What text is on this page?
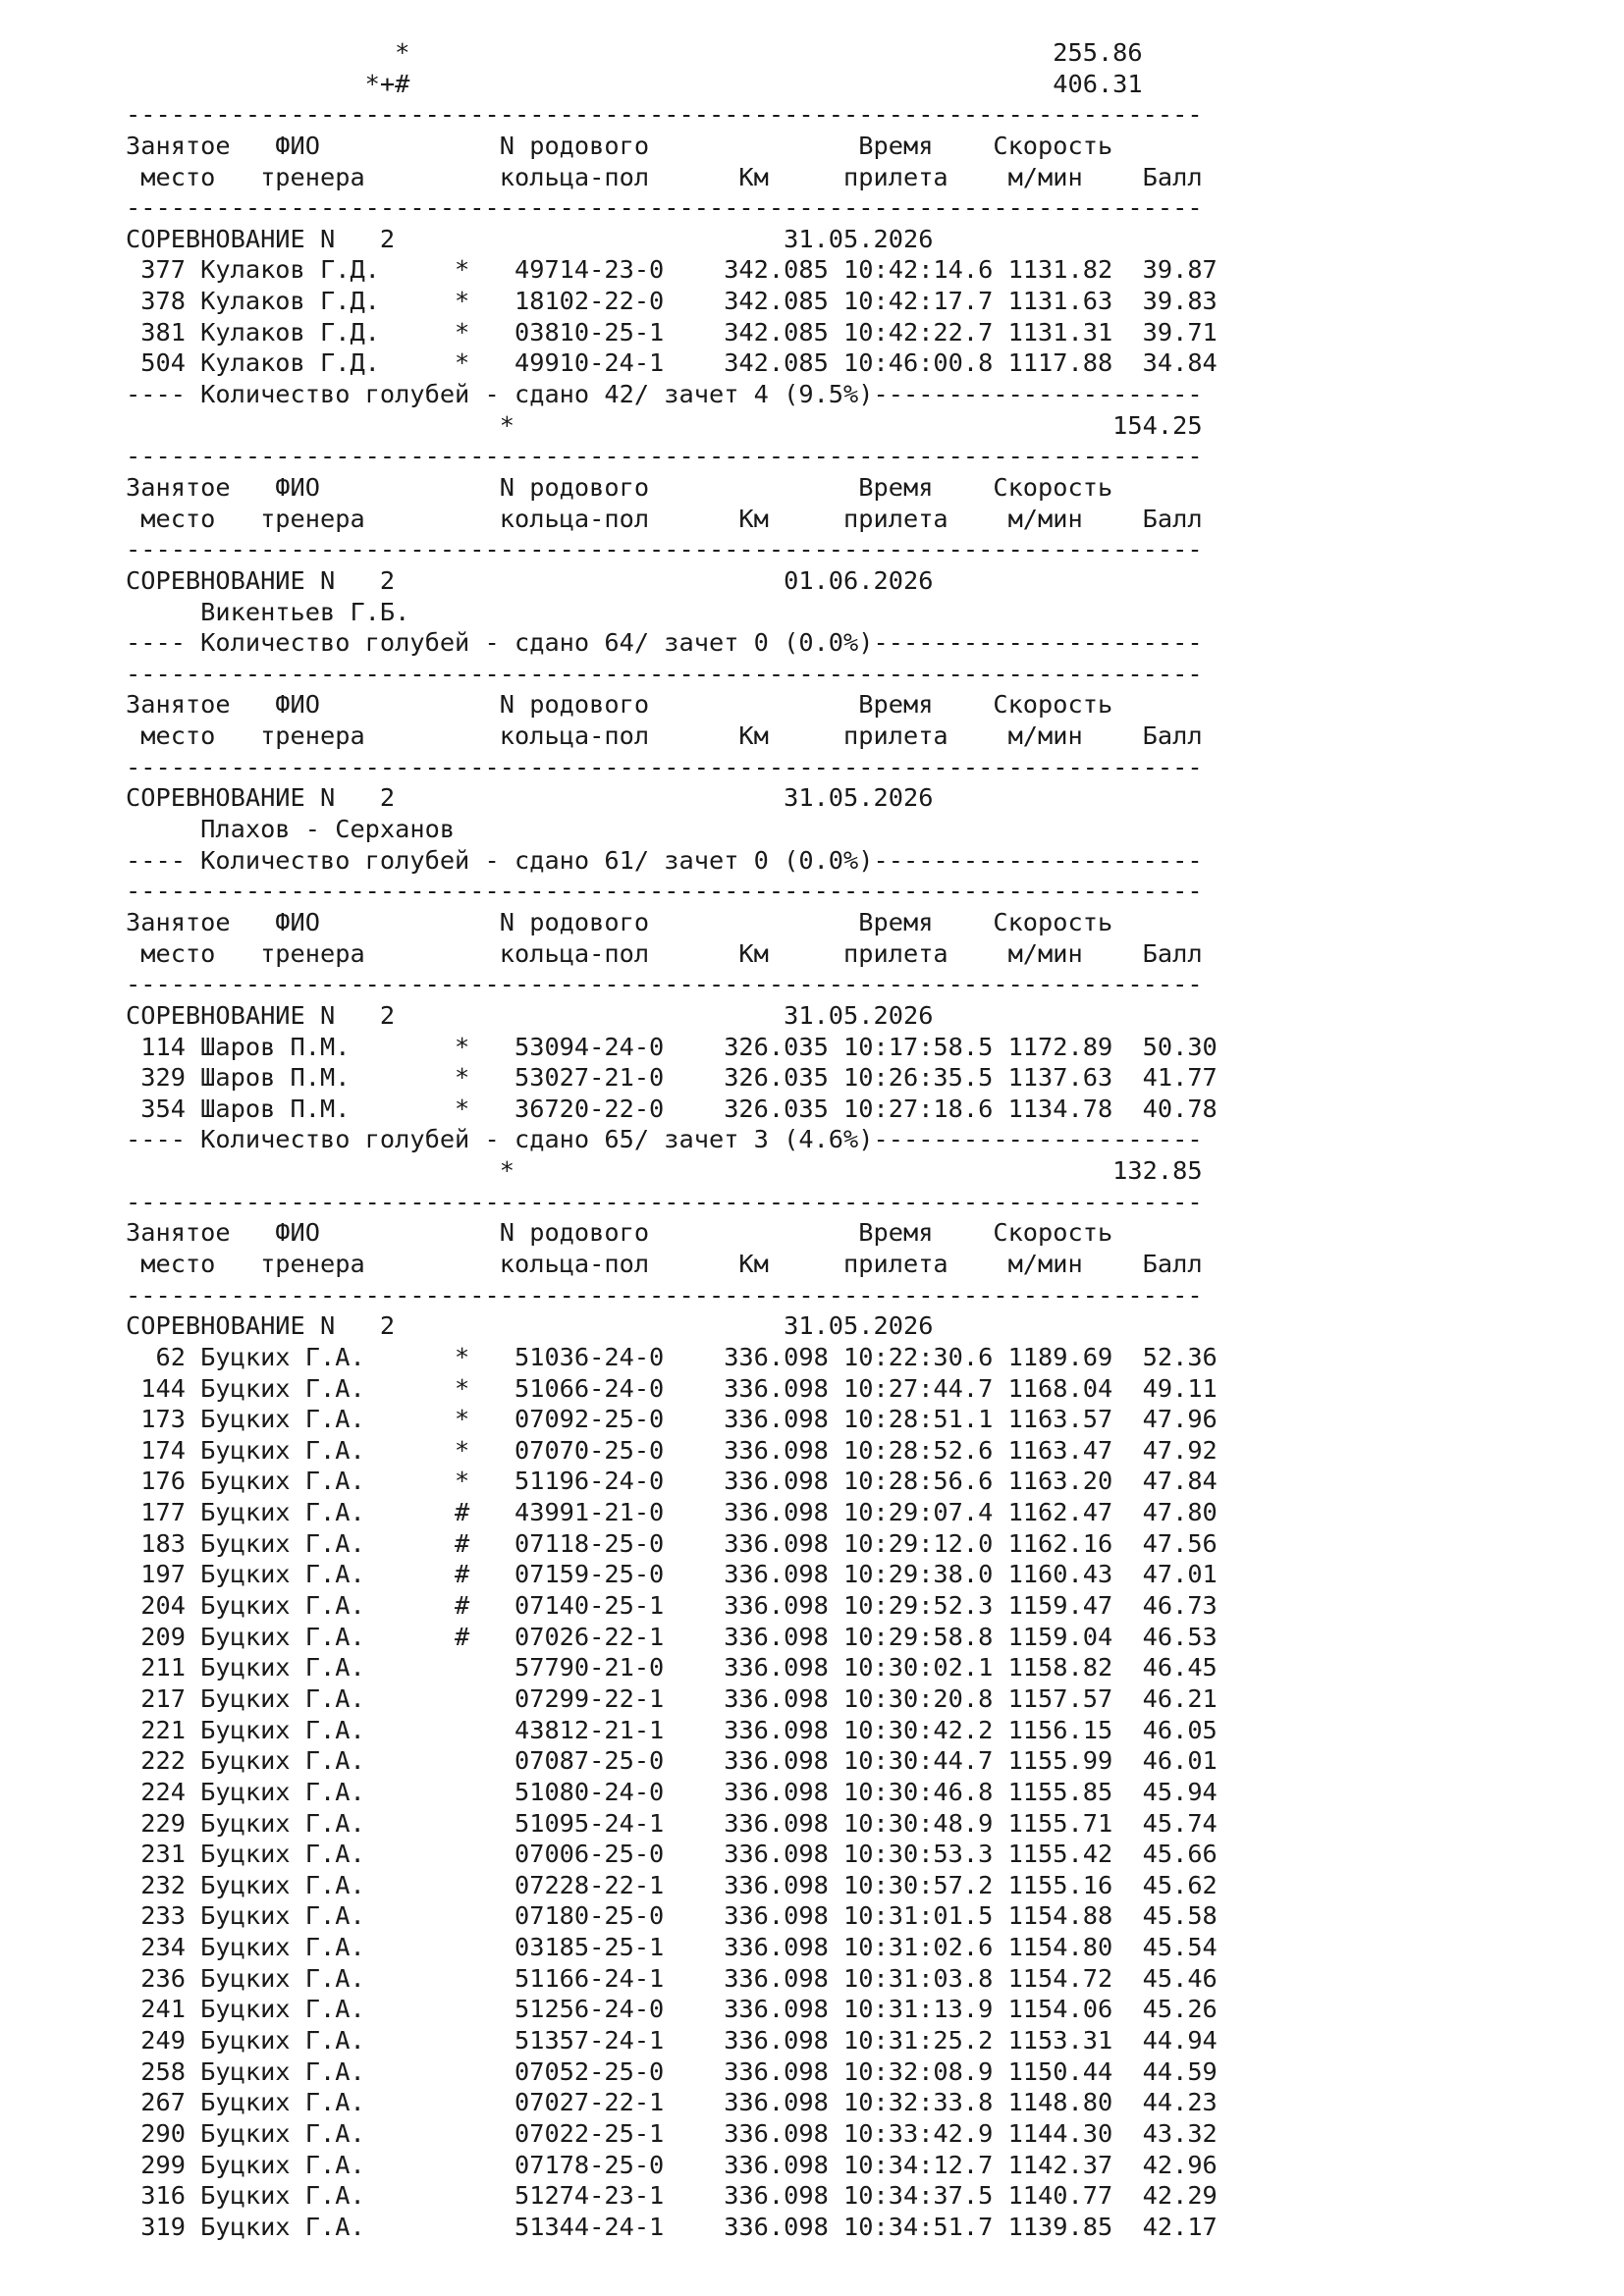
*                                           255.86
*+#                                           406.31
------------------------------------------------------------------------
Занятое   ФИО            N родового              Время    Скорость
место   тренера         кольца-пол      Км     прилета    м/мин    Балл
------------------------------------------------------------------------
СОРЕВНОВАНИЕ N   2                          31.05.2026
377 Кулаков Г.Д.     *   49714-23-0    342.085 10:42:14.6 1131.82  39.87
378 Кулаков Г.Д.     *   18102-22-0    342.085 10:42:17.7 1131.63  39.83
381 Кулаков Г.Д.     *   03810-25-1    342.085 10:42:22.7 1131.31  39.71
504 Кулаков Г.Д.     *   49910-24-1    342.085 10:46:00.8 1117.88  34.84
---- Количество голубей - сдано 42/ зачет 4 (9.5%)----------------------
*                                        154.25
------------------------------------------------------------------------
Занятое   ФИО            N родового              Время    Скорость
место   тренера         кольца-пол      Км     прилета    м/мин    Балл
------------------------------------------------------------------------
СОРЕВНОВАНИЕ N   2                          01.06.2026
Викентьев Г.Б.
---- Количество голубей - сдано 64/ зачет 0 (0.0%)----------------------
------------------------------------------------------------------------
Занятое   ФИО            N родового              Время    Скорость
место   тренера         кольца-пол      Км     прилета    м/мин    Балл
------------------------------------------------------------------------
СОРЕВНОВАНИЕ N   2                          31.05.2026
Плахов - Серханов
---- Количество голубей - сдано 61/ зачет 0 (0.0%)----------------------
------------------------------------------------------------------------
Занятое   ФИО            N родового              Время    Скорость
место   тренера         кольца-пол      Км     прилета    м/мин    Балл
------------------------------------------------------------------------
СОРЕВНОВАНИЕ N   2                          31.05.2026
114 Шаров П.М.       *   53094-24-0    326.035 10:17:58.5 1172.89  50.30
329 Шаров П.М.       *   53027-21-0    326.035 10:26:35.5 1137.63  41.77
354 Шаров П.М.       *   36720-22-0    326.035 10:27:18.6 1134.78  40.78
---- Количество голубей - сдано 65/ зачет 3 (4.6%)----------------------
*                                        132.85
------------------------------------------------------------------------
Занятое   ФИО            N родового              Время    Скорость
место   тренера         кольца-пол      Км     прилета    м/мин    Балл
------------------------------------------------------------------------
СОРЕВНОВАНИЕ N   2                          31.05.2026
62 Буцких Г.А.      *   51036-24-0    336.098 10:22:30.6 1189.69  52.36
144 Буцких Г.А.      *   51066-24-0    336.098 10:27:44.7 1168.04  49.11
173 Буцких Г.А.      *   07092-25-0    336.098 10:28:51.1 1163.57  47.96
174 Буцких Г.А.      *   07070-25-0    336.098 10:28:52.6 1163.47  47.92
176 Буцких Г.А.      *   51196-24-0    336.098 10:28:56.6 1163.20  47.84
177 Буцких Г.А.      #   43991-21-0    336.098 10:29:07.4 1162.47  47.80
183 Буцких Г.А.      #   07118-25-0    336.098 10:29:12.0 1162.16  47.56
197 Буцких Г.А.      #   07159-25-0    336.098 10:29:38.0 1160.43  47.01
204 Буцких Г.А.      #   07140-25-1    336.098 10:29:52.3 1159.47  46.73
209 Буцких Г.А.      #   07026-22-1    336.098 10:29:58.8 1159.04  46.53
211 Буцких Г.А.          57790-21-0    336.098 10:30:02.1 1158.82  46.45
217 Буцких Г.А.          07299-22-1    336.098 10:30:20.8 1157.57  46.21
221 Буцких Г.А.          43812-21-1    336.098 10:30:42.2 1156.15  46.05
222 Буцких Г.А.          07087-25-0    336.098 10:30:44.7 1155.99  46.01
224 Буцких Г.А.          51080-24-0    336.098 10:30:46.8 1155.85  45.94
229 Буцких Г.А.          51095-24-1    336.098 10:30:48.9 1155.71  45.74
231 Буцких Г.А.          07006-25-0    336.098 10:30:53.3 1155.42  45.66
232 Буцких Г.А.          07228-22-1    336.098 10:30:57.2 1155.16  45.62
233 Буцких Г.А.          07180-25-0    336.098 10:31:01.5 1154.88  45.58
234 Буцких Г.А.          03185-25-1    336.098 10:31:02.6 1154.80  45.54
236 Буцких Г.А.          51166-24-1    336.098 10:31:03.8 1154.72  45.46
241 Буцких Г.А.          51256-24-0    336.098 10:31:13.9 1154.06  45.26
249 Буцких Г.А.          51357-24-1    336.098 10:31:25.2 1153.31  44.94
258 Буцких Г.А.          07052-25-0    336.098 10:32:08.9 1150.44  44.59
267 Буцких Г.А.          07027-22-1    336.098 10:32:33.8 1148.80  44.23
290 Буцких Г.А.          07022-25-1    336.098 10:33:42.9 1144.30  43.32
299 Буцких Г.А.          07178-25-0    336.098 10:34:12.7 1142.37  42.96
316 Буцких Г.А.          51274-23-1    336.098 10:34:37.5 1140.77  42.29
319 Буцких Г.А.          51344-24-1    336.098 10:34:51.7 1139.85  42.17
